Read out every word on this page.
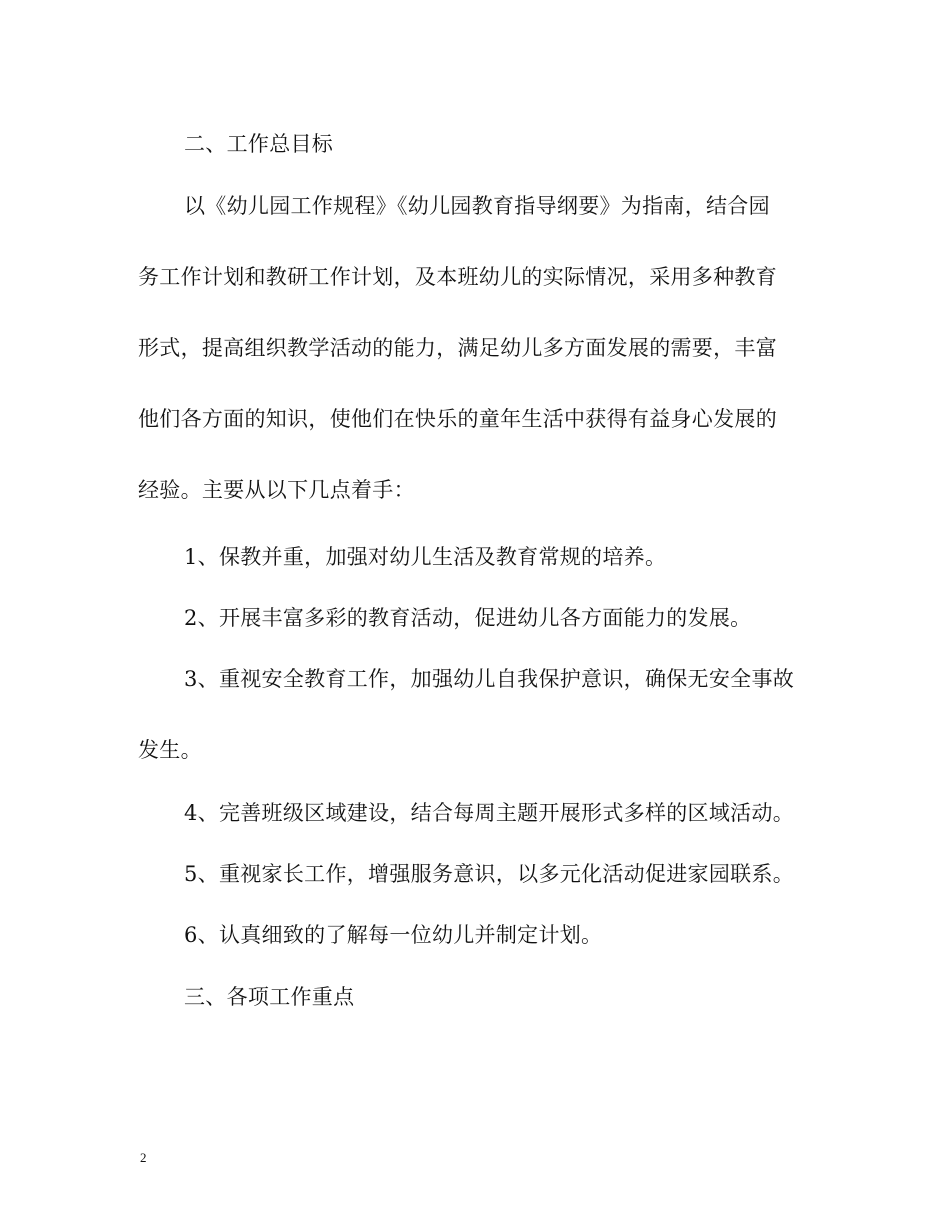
二、工作总目标
以《幼儿园工作规程》《幼儿园教育指导纲要》为指南，结合园
务工作计划和教研工作计划，及本班幼儿的实际情况，采用多种教育
形式，提高组织教学活动的能力，满足幼儿多方面发展的需要，丰富
他们各方面的知识，使他们在快乐的童年生活中获得有益身心发展的
经验。主要从以下几点着手：
1、保教并重，加强对幼儿生活及教育常规的培养。
2、开展丰富多彩的教育活动，促进幼儿各方面能力的发展。
3、重视安全教育工作，加强幼儿自我保护意识，确保无安全事故
发生。
4、完善班级区域建设，结合每周主题开展形式多样的区域活动。
5、重视家长工作，增强服务意识，以多元化活动促进家园联系。
6、认真细致的了解每一位幼儿并制定计划。
三、各项工作重点
2
